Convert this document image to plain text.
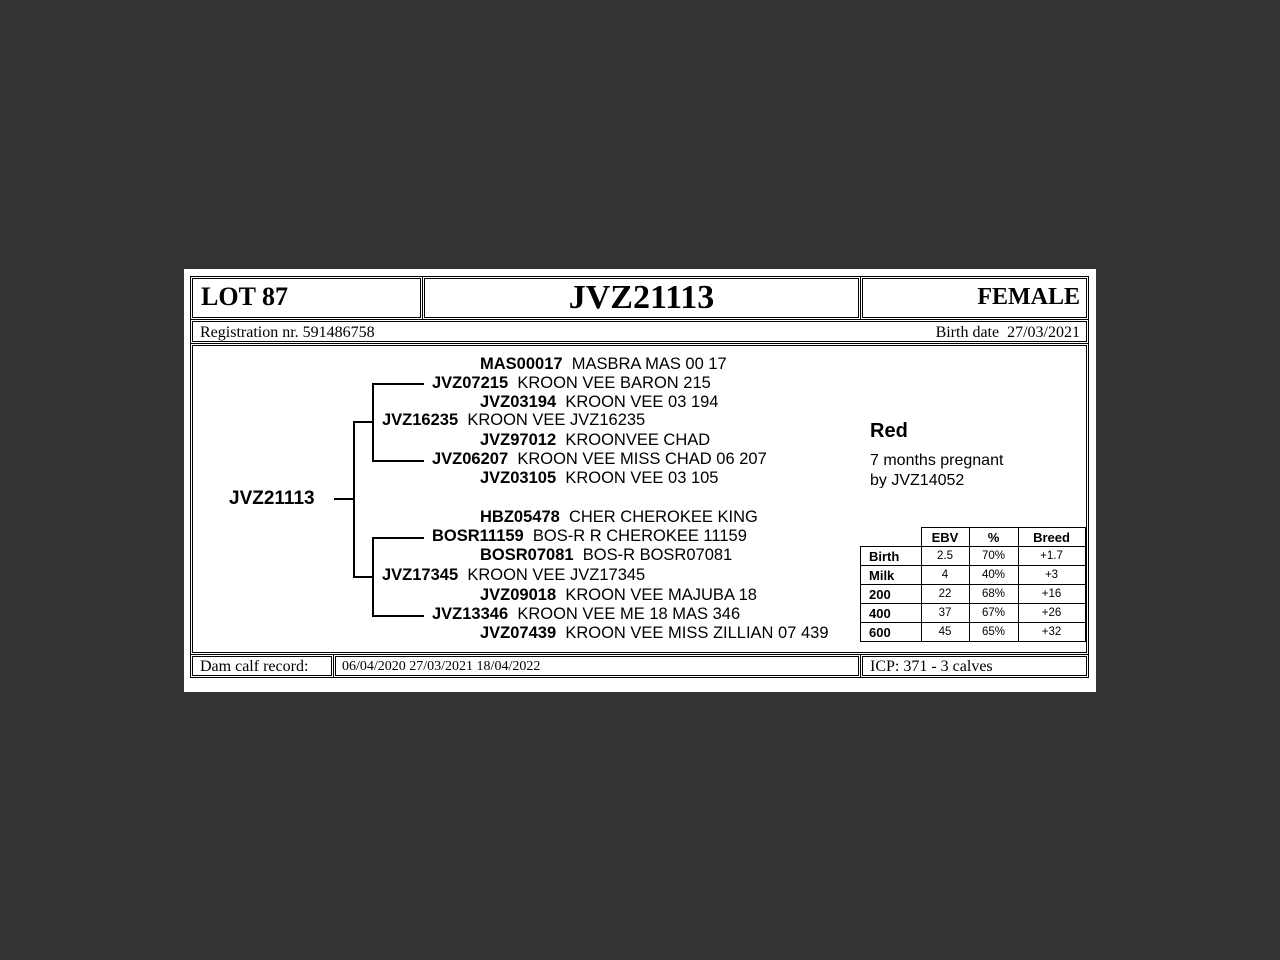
LOT 87	JVZ21113	FEMALE
Registration nr. 591486758	Birth date  27/03/2021
JVZ21113
MAS00017 MASBRA MAS 00 17
JVZ07215 KROON VEE BARON 215
JVZ03194 KROON VEE 03 194
JVZ16235 KROON VEE JVZ16235
JVZ97012 KROONVEE CHAD
JVZ06207 KROON VEE MISS CHAD 06 207
JVZ03105 KROON VEE 03 105
HBZ05478 CHER CHEROKEE KING
BOSR11159 BOS-R R CHEROKEE 11159
BOSR07081 BOS-R BOSR07081
JVZ17345 KROON VEE JVZ17345
JVZ09018 KROON VEE MAJUBA 18
JVZ13346 KROON VEE ME 18 MAS 346
JVZ07439 KROON VEE MISS ZILLIAN 07 439
Red
7 months pregnant
by JVZ14052
	EBV	%	Breed
Birth	2.5	70%	+1.7
Milk	4	40%	+3
200	22	68%	+16
400	37	67%	+26
600	45	65%	+32
Dam calf record: 06/04/2020 27/03/2021 18/04/2022	ICP: 371 - 3 calves
